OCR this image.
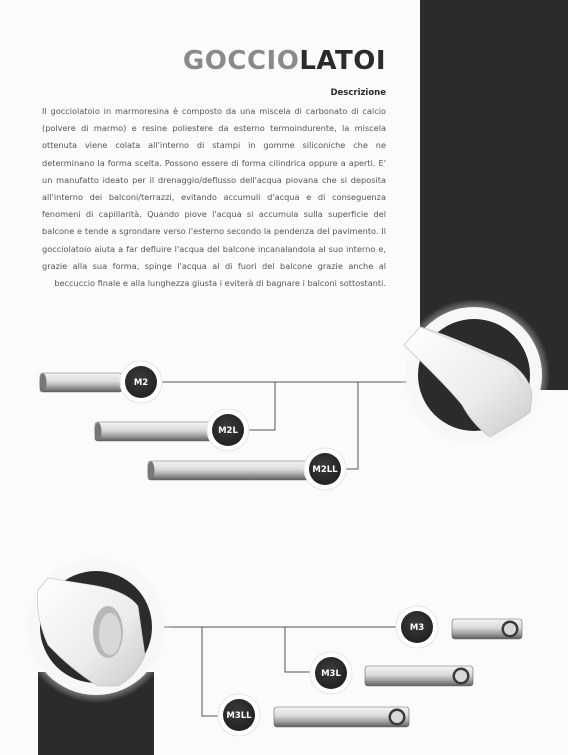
GOCCIOLATOI
Descrizione

Il gocciolatoio in marmoresina è composto da una miscela di carbonato di calcio (polvere di marmo) e resine poliestere da esterno termoindurente, la miscela ottenuta viene colata all'interno di stampi in gomme siliconiche che ne determinano la forma scelta. Possono essere di forma cilindrica oppure a aperti. E' un manufatto ideato per il drenaggio/deflusso dell'acqua piovana che si deposita all'interno dei balconi/terrazzi, evitando accumuli d'acqua e di conseguenza fenomeni di capillarità. Quando piove l'acqua si accumula sulla superficie del balcone e tende a sgrondare verso l'esterno secondo la pendenza del pavimento. Il gocciolatoio aiuta a far defluire l'acqua del balcone incanalandola al suo interno e, grazie alla sua forma, spinge l'acqua al di fuori del balcone grazie anche al beccuccio finale e alla lunghezza giusta i eviterà di bagnare i balconi sottostanti.

M2
M2L
M2LL
M3
M3L
M3LL
